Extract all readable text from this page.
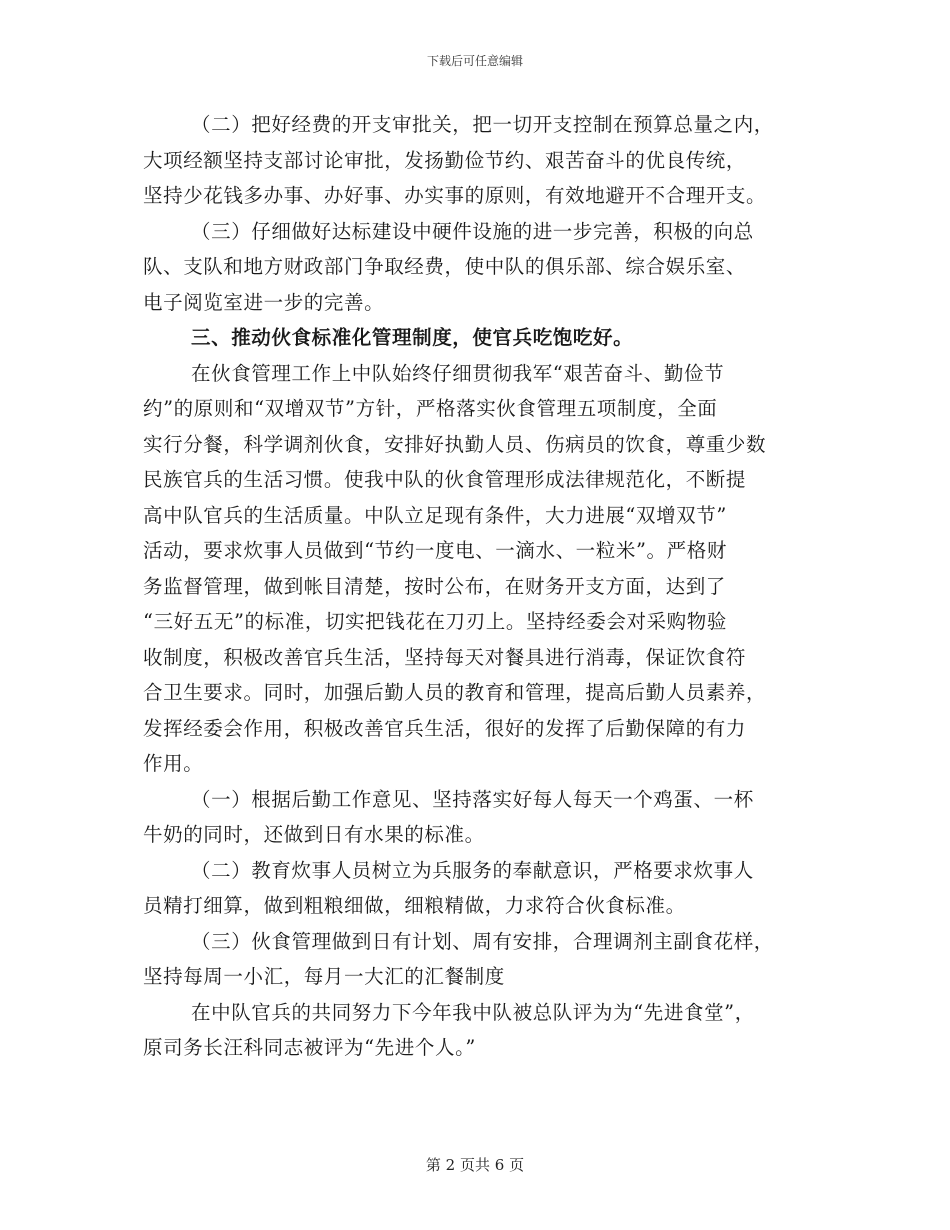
下载后可任意编辑

（二）把好经费的开支审批关，把一切开支控制在预算总量之内，
大项经额坚持支部讨论审批，发扬勤俭节约、艰苦奋斗的优良传统，
坚持少花钱多办事、办好事、办实事的原则，有效地避开不合理开支。

（三）仔细做好达标建设中硬件设施的进一步完善，积极的向总
队、支队和地方财政部门争取经费，使中队的俱乐部、综合娱乐室、
电子阅览室进一步的完善。

三、推动伙食标准化管理制度，使官兵吃饱吃好。

在伙食管理工作上中队始终仔细贯彻我军“艰苦奋斗、勤俭节
约”的原则和“双增双节”方针，严格落实伙食管理五项制度，全面
实行分餐，科学调剂伙食，安排好执勤人员、伤病员的饮食，尊重少数
民族官兵的生活习惯。使我中队的伙食管理形成法律规范化，不断提
高中队官兵的生活质量。中队立足现有条件，大力进展“双增双节”
活动，要求炊事人员做到“节约一度电、一滴水、一粒米”。严格财
务监督管理，做到帐目清楚，按时公布，在财务开支方面，达到了
“三好五无”的标准，切实把钱花在刀刃上。坚持经委会对采购物验
收制度，积极改善官兵生活，坚持每天对餐具进行消毒，保证饮食符
合卫生要求。同时，加强后勤人员的教育和管理，提高后勤人员素养，
发挥经委会作用，积极改善官兵生活，很好的发挥了后勤保障的有力
作用。

（一）根据后勤工作意见、坚持落实好每人每天一个鸡蛋、一杯
牛奶的同时，还做到日有水果的标准。

（二）教育炊事人员树立为兵服务的奉献意识，严格要求炊事人
员精打细算，做到粗粮细做，细粮精做，力求符合伙食标准。

（三）伙食管理做到日有计划、周有安排，合理调剂主副食花样，
坚持每周一小汇，每月一大汇的汇餐制度

在中队官兵的共同努力下今年我中队被总队评为为“先进食堂”，
原司务长汪科同志被评为“先进个人。”

第 2 页共 6 页
